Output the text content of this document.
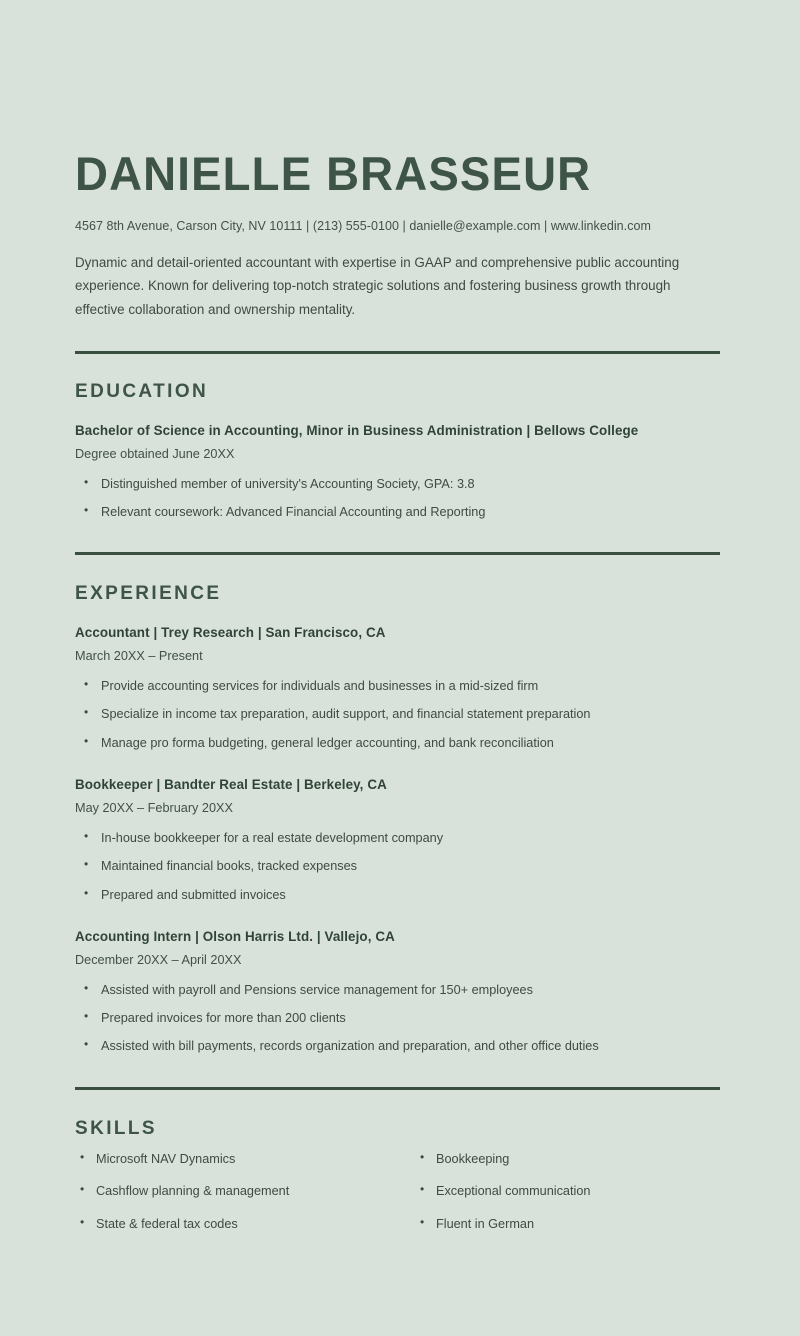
DANIELLE BRASSEUR
4567 8th Avenue, Carson City, NV 10111 | (213) 555-0100 | danielle@example.com | www.linkedin.com
Dynamic and detail-oriented accountant with expertise in GAAP and comprehensive public accounting experience. Known for delivering top-notch strategic solutions and fostering business growth through effective collaboration and ownership mentality.
EDUCATION
Bachelor of Science in Accounting, Minor in Business Administration | Bellows College
Degree obtained June 20XX
• Distinguished member of university's Accounting Society, GPA: 3.8
• Relevant coursework: Advanced Financial Accounting and Reporting
EXPERIENCE
Accountant | Trey Research | San Francisco, CA
March 20XX – Present
• Provide accounting services for individuals and businesses in a mid-sized firm
• Specialize in income tax preparation, audit support, and financial statement preparation
• Manage pro forma budgeting, general ledger accounting, and bank reconciliation
Bookkeeper | Bandter Real Estate | Berkeley, CA
May 20XX – February 20XX
• In-house bookkeeper for a real estate development company
• Maintained financial books, tracked expenses
• Prepared and submitted invoices
Accounting Intern | Olson Harris Ltd. | Vallejo, CA
December 20XX – April 20XX
• Assisted with payroll and Pensions service management for 150+ employees
• Prepared invoices for more than 200 clients
• Assisted with bill payments, records organization and preparation, and other office duties
SKILLS
• Microsoft NAV Dynamics
• Cashflow planning & management
• State & federal tax codes
• Bookkeeping
• Exceptional communication
• Fluent in German
